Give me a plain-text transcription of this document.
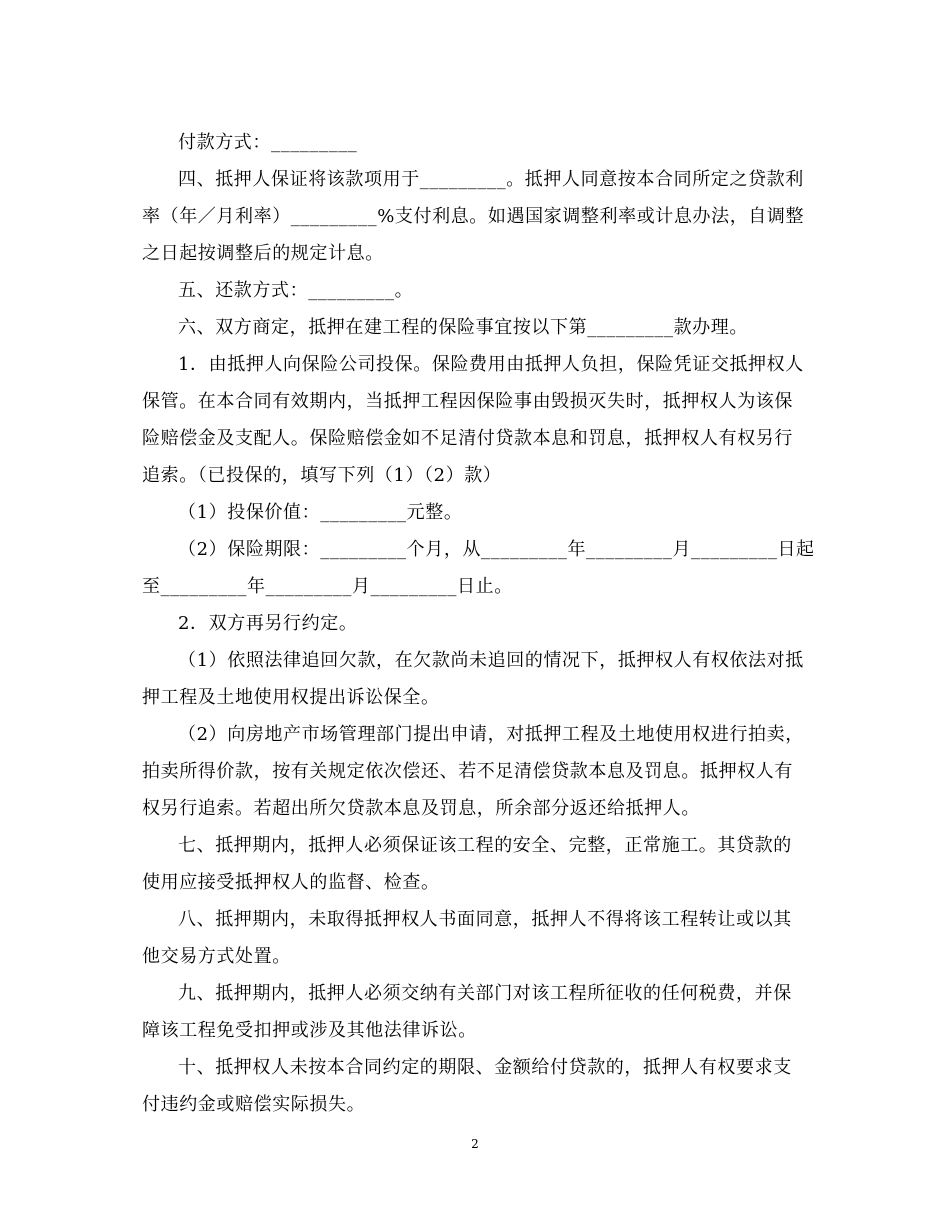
付款方式：_________
四、抵押人保证将该款项用于_________。抵押人同意按本合同所定之贷款利
率（年／月利率）_________%支付利息。如遇国家调整利率或计息办法，自调整
之日起按调整后的规定计息。
五、还款方式：_________。
六、双方商定，抵押在建工程的保险事宜按以下第_________款办理。
1．由抵押人向保险公司投保。保险费用由抵押人负担，保险凭证交抵押权人
保管。在本合同有效期内，当抵押工程因保险事由毁损灭失时，抵押权人为该保
险赔偿金及支配人。保险赔偿金如不足清付贷款本息和罚息，抵押权人有权另行
追索。（已投保的，填写下列（1）（2）款）
（1）投保价值：_________元整。
（2）保险期限：_________个月，从_________年_________月_________日起
至_________年_________月_________日止。
2．双方再另行约定。
（1）依照法律追回欠款，在欠款尚未追回的情况下，抵押权人有权依法对抵
押工程及土地使用权提出诉讼保全。
（2）向房地产市场管理部门提出申请，对抵押工程及土地使用权进行拍卖，
拍卖所得价款，按有关规定依次偿还、若不足清偿贷款本息及罚息。抵押权人有
权另行追索。若超出所欠贷款本息及罚息，所余部分返还给抵押人。
七、抵押期内，抵押人必须保证该工程的安全、完整，正常施工。其贷款的
使用应接受抵押权人的监督、检查。
八、抵押期内，未取得抵押权人书面同意，抵押人不得将该工程转让或以其
他交易方式处置。
九、抵押期内，抵押人必须交纳有关部门对该工程所征收的任何税费，并保
障该工程免受扣押或涉及其他法律诉讼。
十、抵押权人未按本合同约定的期限、金额给付贷款的，抵押人有权要求支
付违约金或赔偿实际损失。
2
